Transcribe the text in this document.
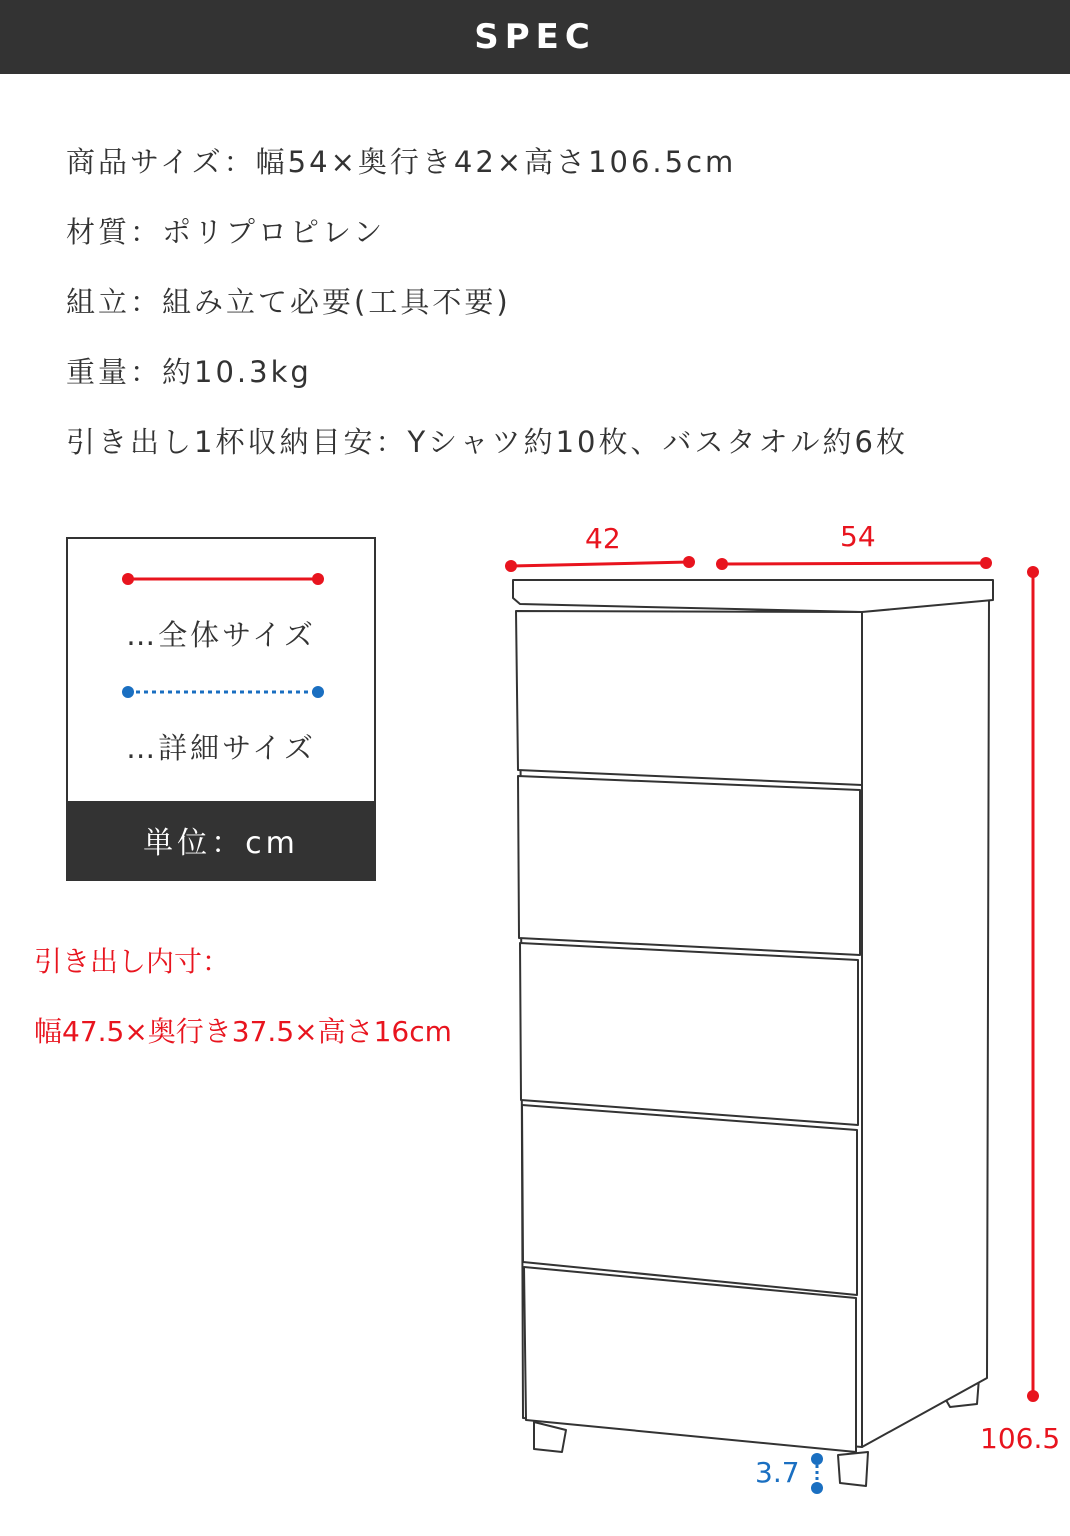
SPEC
商品サイズ：幅54×奥行き42×高さ106.5cm
材質：ポリプロピレン
組立：組み立て必要(工具不要)
重量：約10.3kg
引き出し1杯収納目安：Yシャツ約10枚、バスタオル約6枚
…全体サイズ
…詳細サイズ
単位：cm
引き出し内寸：
幅47.5×奥行き37.5×高さ16cm
42	54
106.5
3.7
